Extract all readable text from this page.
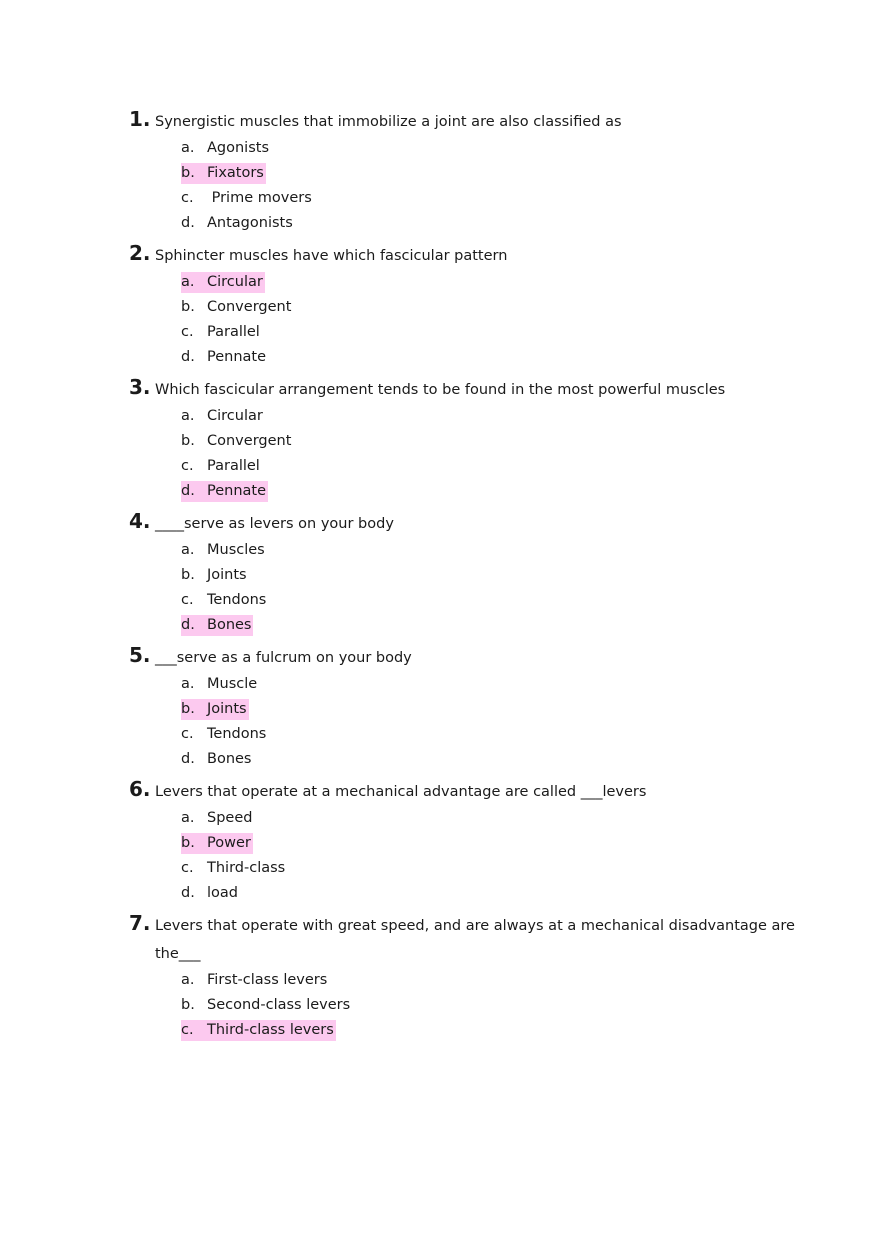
1. Synergistic muscles that immobilize a joint are also classified as
a. Agonists
b. Fixators
c. Prime movers
d. Antagonists
2. Sphincter muscles have which fascicular pattern
a. Circular
b. Convergent
c. Parallel
d. Pennate
3. Which fascicular arrangement tends to be found in the most powerful muscles
a. Circular
b. Convergent
c. Parallel
d. Pennate
4. ____serve as levers on your body
a. Muscles
b. Joints
c. Tendons
d. Bones
5. ___serve as a fulcrum on your body
a. Muscle
b. Joints
c. Tendons
d. Bones
6. Levers that operate at a mechanical advantage are called ___levers
a. Speed
b. Power
c. Third-class
d. load
7. Levers that operate with great speed, and are always at a mechanical disadvantage are the___
a. First-class levers
b. Second-class levers
c. Third-class levers
